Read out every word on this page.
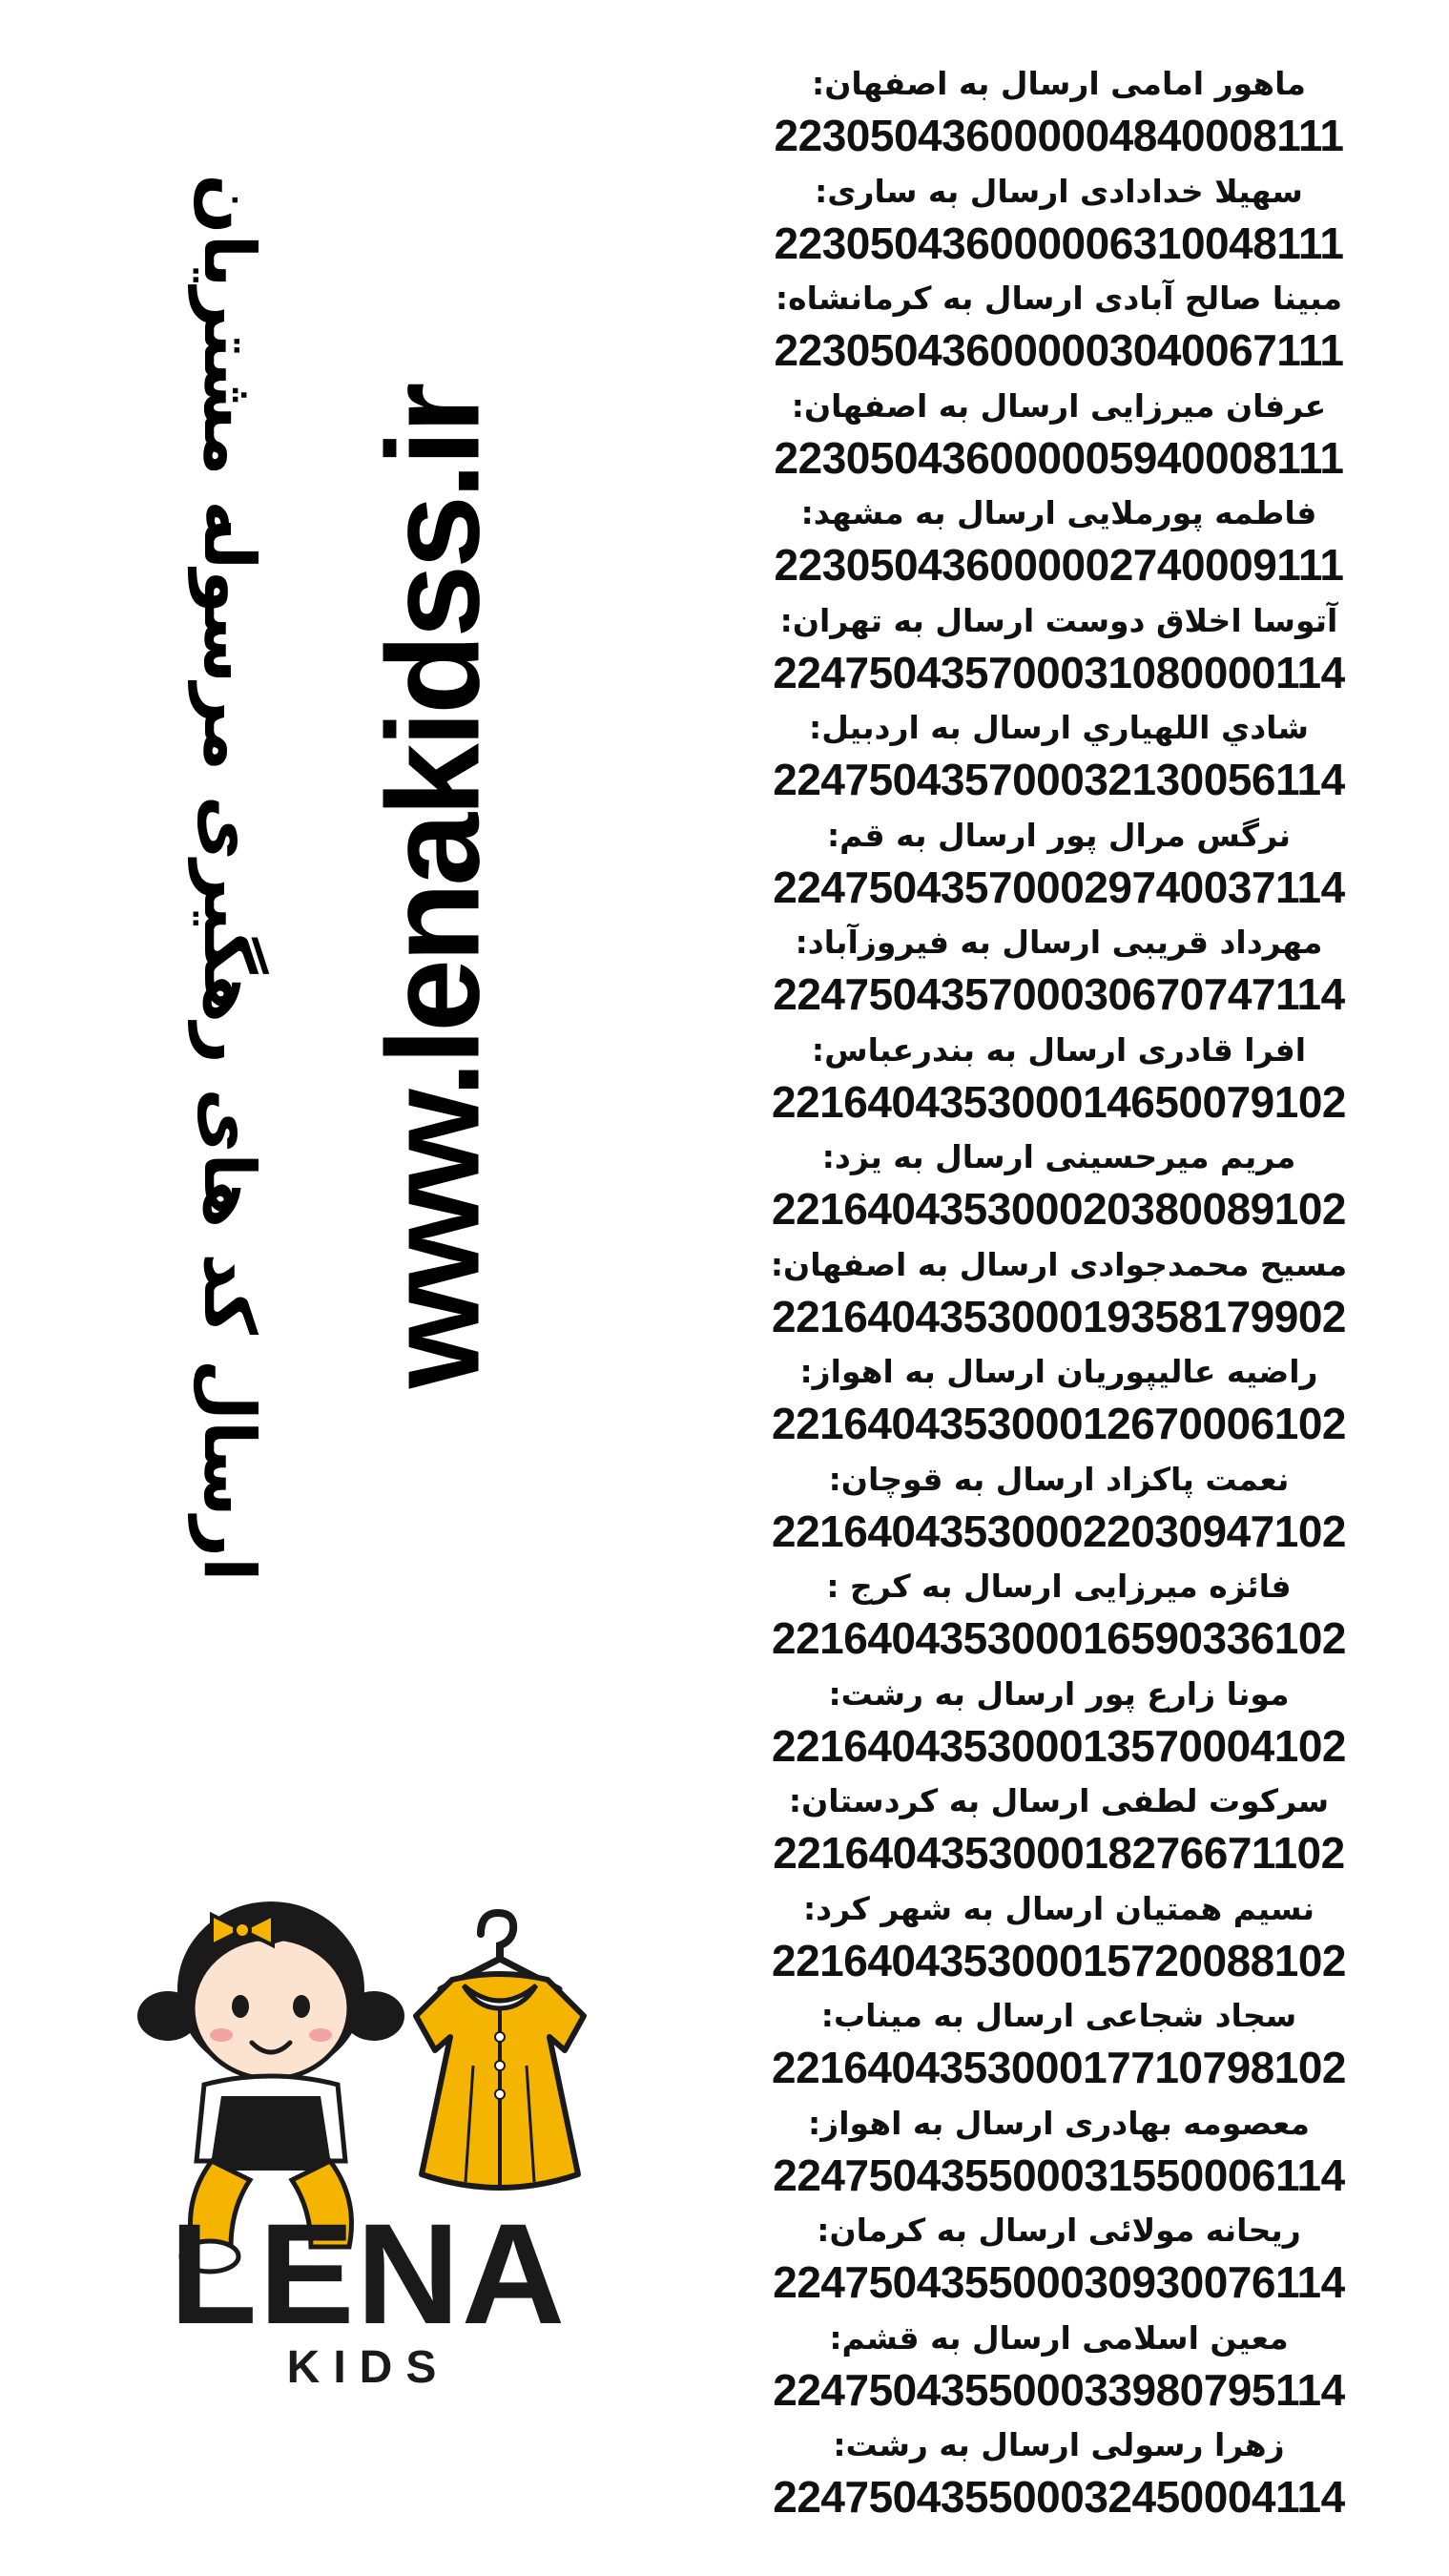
ارسال کد های رهگیری مرسوله مشتریان www.lenakidss.ir
ماهور امامی ارسال به اصفهان:
223050436000004840008111
سهیلا خدادادی ارسال به ساری:
223050436000006310048111
مبینا صالح آبادی ارسال به کرمانشاه:
223050436000003040067111
عرفان میرزایی ارسال به اصفهان:
223050436000005940008111
فاطمه پورملایی ارسال به مشهد:
223050436000002740009111
آتوسا اخلاق دوست ارسال به تهران:
224750435700031080000114
شادي اللهياري ارسال به اردبیل:
224750435700032130056114
نرگس مرال پور ارسال به قم:
224750435700029740037114
مهرداد قریبی ارسال به فیروزآباد:
224750435700030670747114
افرا قادری ارسال به بندرعباس:
221640435300014650079102
مریم میرحسینی ارسال به یزد:
221640435300020380089102
مسیح محمدجوادی ارسال به اصفهان:
221640435300019358179902
راضیه عالیپوریان ارسال به اهواز:
221640435300012670006102
نعمت پاکزاد ارسال به قوچان:
221640435300022030947102
فائزه میرزایی ارسال به کرج :
221640435300016590336102
مونا زارع پور ارسال به رشت:
221640435300013570004102
سرکوت لطفی ارسال به کردستان:
221640435300018276671102
نسیم همتیان ارسال به شهر کرد:
221640435300015720088102
سجاد شجاعی ارسال به میناب:
221640435300017710798102
معصومه بهادری ارسال به اهواز:
224750435500031550006114
ریحانه مولائی ارسال به کرمان:
224750435500030930076114
معین اسلامی ارسال به قشم:
224750435500033980795114
زهرا رسولی ارسال به رشت:
224750435500032450004114
LENA
KIDS
